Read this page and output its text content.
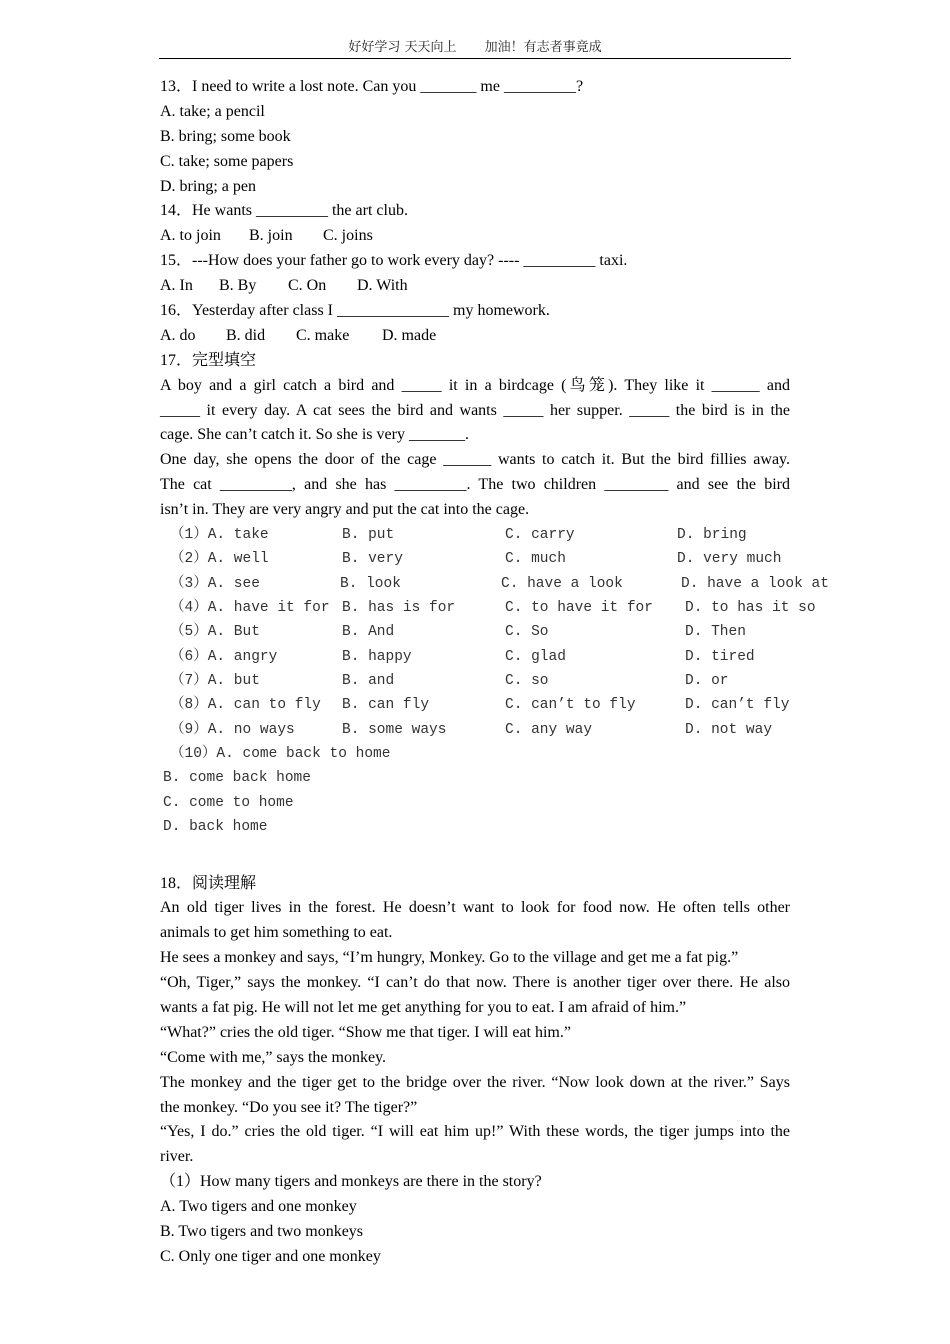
好好学习 天天向上 加油！有志者事竟成
13．I need to write a lost note. Can you _______ me _________?
A. take; a pencil
B. bring; some book
C. take; some papers
D. bring; a pen
14．He wants _________ the art club.
A. to join B. join C. joins
15．---How does your father go to work every day? ---- _________ taxi.
A. In B. By C. On D. With
16．Yesterday after class I ______________ my homework.
A. do B. did C. make D. made
17．完型填空
A boy and a girl catch a bird and _____ it in a birdcage (鸟笼). They like it ______ and
_____ it every day. A cat sees the bird and wants _____ her supper. _____ the bird is in the
cage. She can’t catch it. So she is very _______.
One day, she opens the door of the cage ______ wants to catch it. But the bird fillies away.
The cat _________, and she has _________. The two children ________ and see the bird
isn’t in. They are very angry and put the cat into the cage.
（1）A. take	B. put	C. carry	D. bring
（2）A. well	B. very	C. much	D. very much
（3）A. see	B. look	C. have a look	D. have a look at
（4）A. have it for B. has is for	C. to have it for D. to has it so
（5）A. But	B. And	C. So	D. Then
（6）A. angry	B. happy	C. glad	D. tired
（7）A. but	B. and	C. so	D. or
（8）A. can to fly B. can fly	C. can’t to fly	D. can’t fly
（9）A. no ways	B. some ways	C. any way	D. not way
（10）A. come back to home
B. come back home
C. come to home
D. back home
18．阅读理解
An old tiger lives in the forest. He doesn’t want to look for food now. He often tells other
animals to get him something to eat.
He sees a monkey and says, “I’m hungry, Monkey. Go to the village and get me a fat pig.”
“Oh, Tiger,” says the monkey. “I can’t do that now. There is another tiger over there. He also
wants a fat pig. He will not let me get anything for you to eat. I am afraid of him.”
“What?” cries the old tiger. “Show me that tiger. I will eat him.”
“Come with me,” says the monkey.
The monkey and the tiger get to the bridge over the river. “Now look down at the river.” Says
the monkey. “Do you see it? The tiger?”
“Yes, I do.” cries the old tiger. “I will eat him up!” With these words, the tiger jumps into the
river.
（1）How many tigers and monkeys are there in the story?
A. Two tigers and one monkey
B. Two tigers and two monkeys
C. Only one tiger and one monkey
